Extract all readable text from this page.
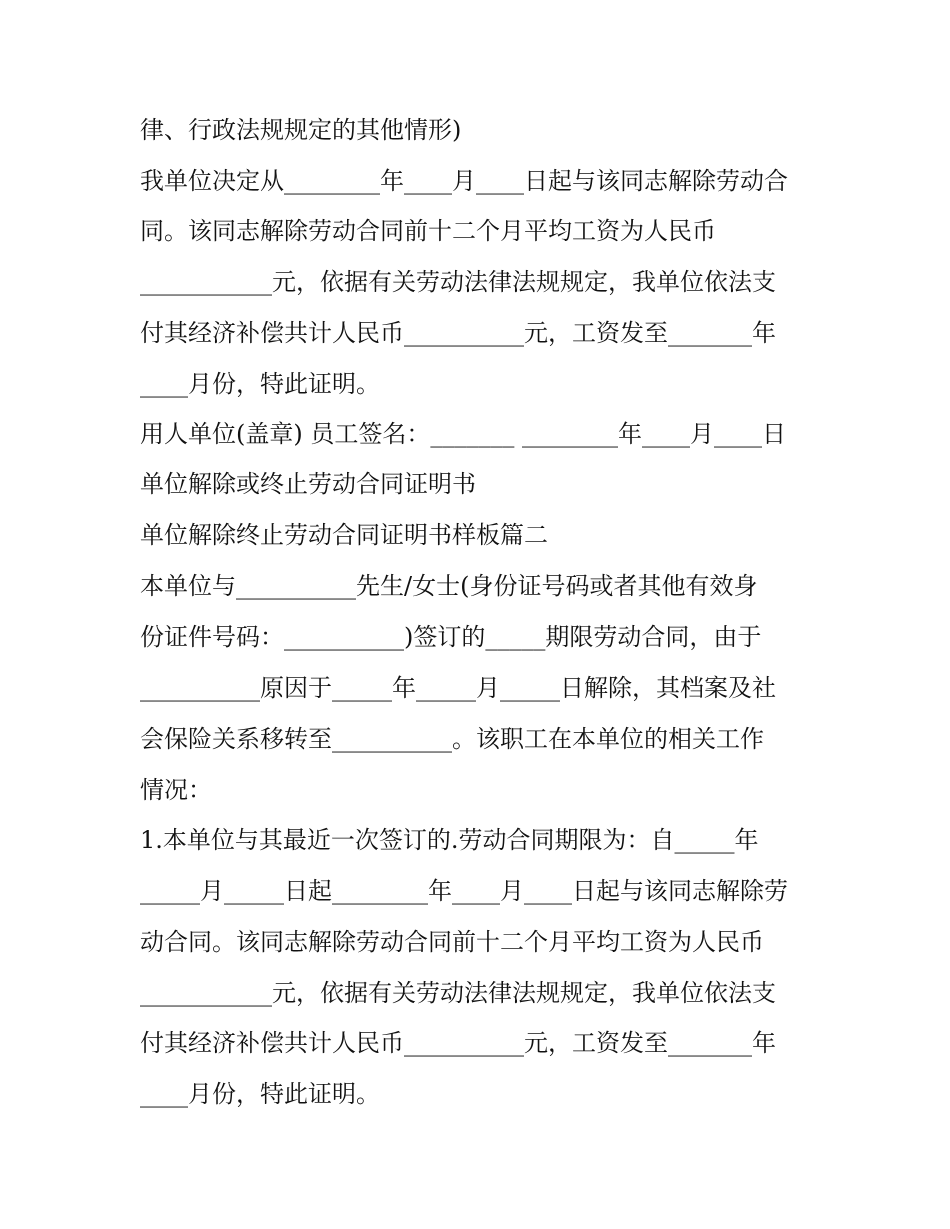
律、行政法规规定的其他情形)
我单位决定从________年____月____日起与该同志解除劳动合
同。该同志解除劳动合同前十二个月平均工资为人民币
___________元，依据有关劳动法律法规规定，我单位依法支
付其经济补偿共计人民币__________元，工资发至_______年
____月份，特此证明。
用人单位(盖章) 员工签名：_______ ________年____月____日
单位解除或终止劳动合同证明书
单位解除终止劳动合同证明书样板篇二
本单位与__________先生/女士(身份证号码或者其他有效身
份证件号码：__________)签订的_____期限劳动合同，由于
__________原因于_____年_____月_____日解除，其档案及社
会保险关系移转至__________。该职工在本单位的相关工作
情况：
1.本单位与其最近一次签订的.劳动合同期限为：自_____年
_____月_____日起________年____月____日起与该同志解除劳
动合同。该同志解除劳动合同前十二个月平均工资为人民币
___________元，依据有关劳动法律法规规定，我单位依法支
付其经济补偿共计人民币__________元，工资发至_______年
____月份，特此证明。
